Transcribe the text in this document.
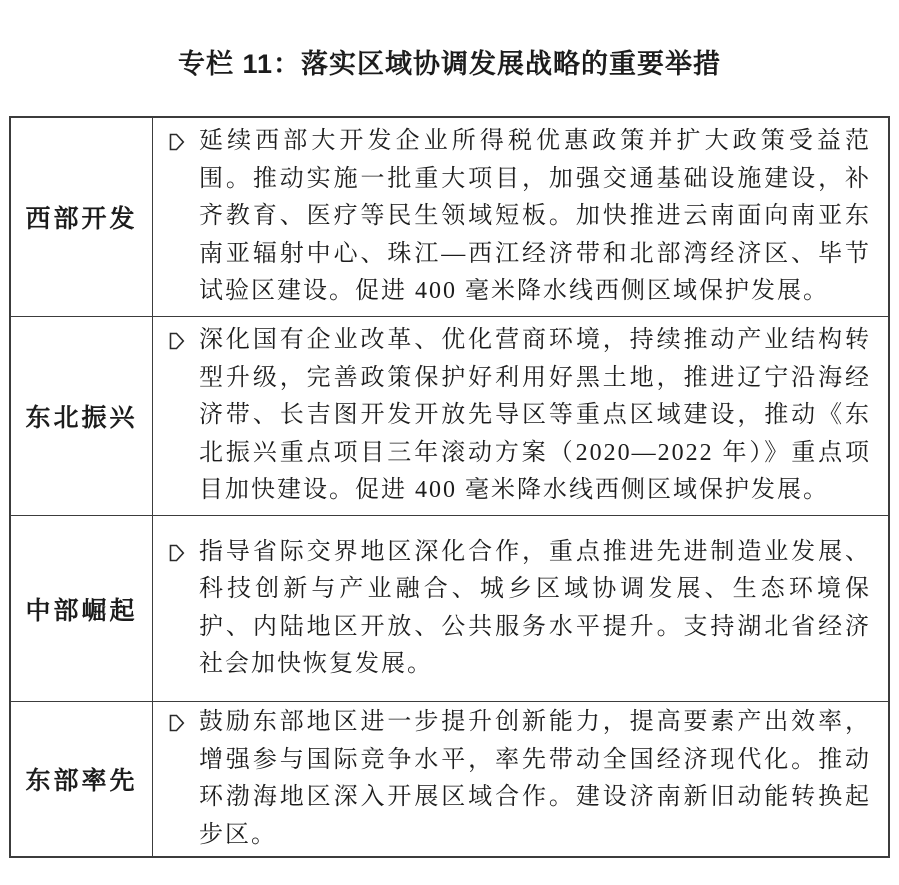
专栏 11：落实区域协调发展战略的重要举措
西部开发
延续西部大开发企业所得税优惠政策并扩大政策受益范围。推动实施一批重大项目，加强交通基础设施建设，补齐教育、医疗等民生领域短板。加快推进云南面向南亚东南亚辐射中心、珠江—西江经济带和北部湾经济区、毕节试验区建设。促进 400 毫米降水线西侧区域保护发展。
东北振兴
深化国有企业改革、优化营商环境，持续推动产业结构转型升级，完善政策保护好利用好黑土地，推进辽宁沿海经济带、长吉图开发开放先导区等重点区域建设，推动《东北振兴重点项目三年滚动方案（2020—2022 年）》重点项目加快建设。促进 400 毫米降水线西侧区域保护发展。
中部崛起
指导省际交界地区深化合作，重点推进先进制造业发展、科技创新与产业融合、城乡区域协调发展、生态环境保护、内陆地区开放、公共服务水平提升。支持湖北省经济社会加快恢复发展。
东部率先
鼓励东部地区进一步提升创新能力，提高要素产出效率，增强参与国际竞争水平，率先带动全国经济现代化。推动环渤海地区深入开展区域合作。建设济南新旧动能转换起步区。
